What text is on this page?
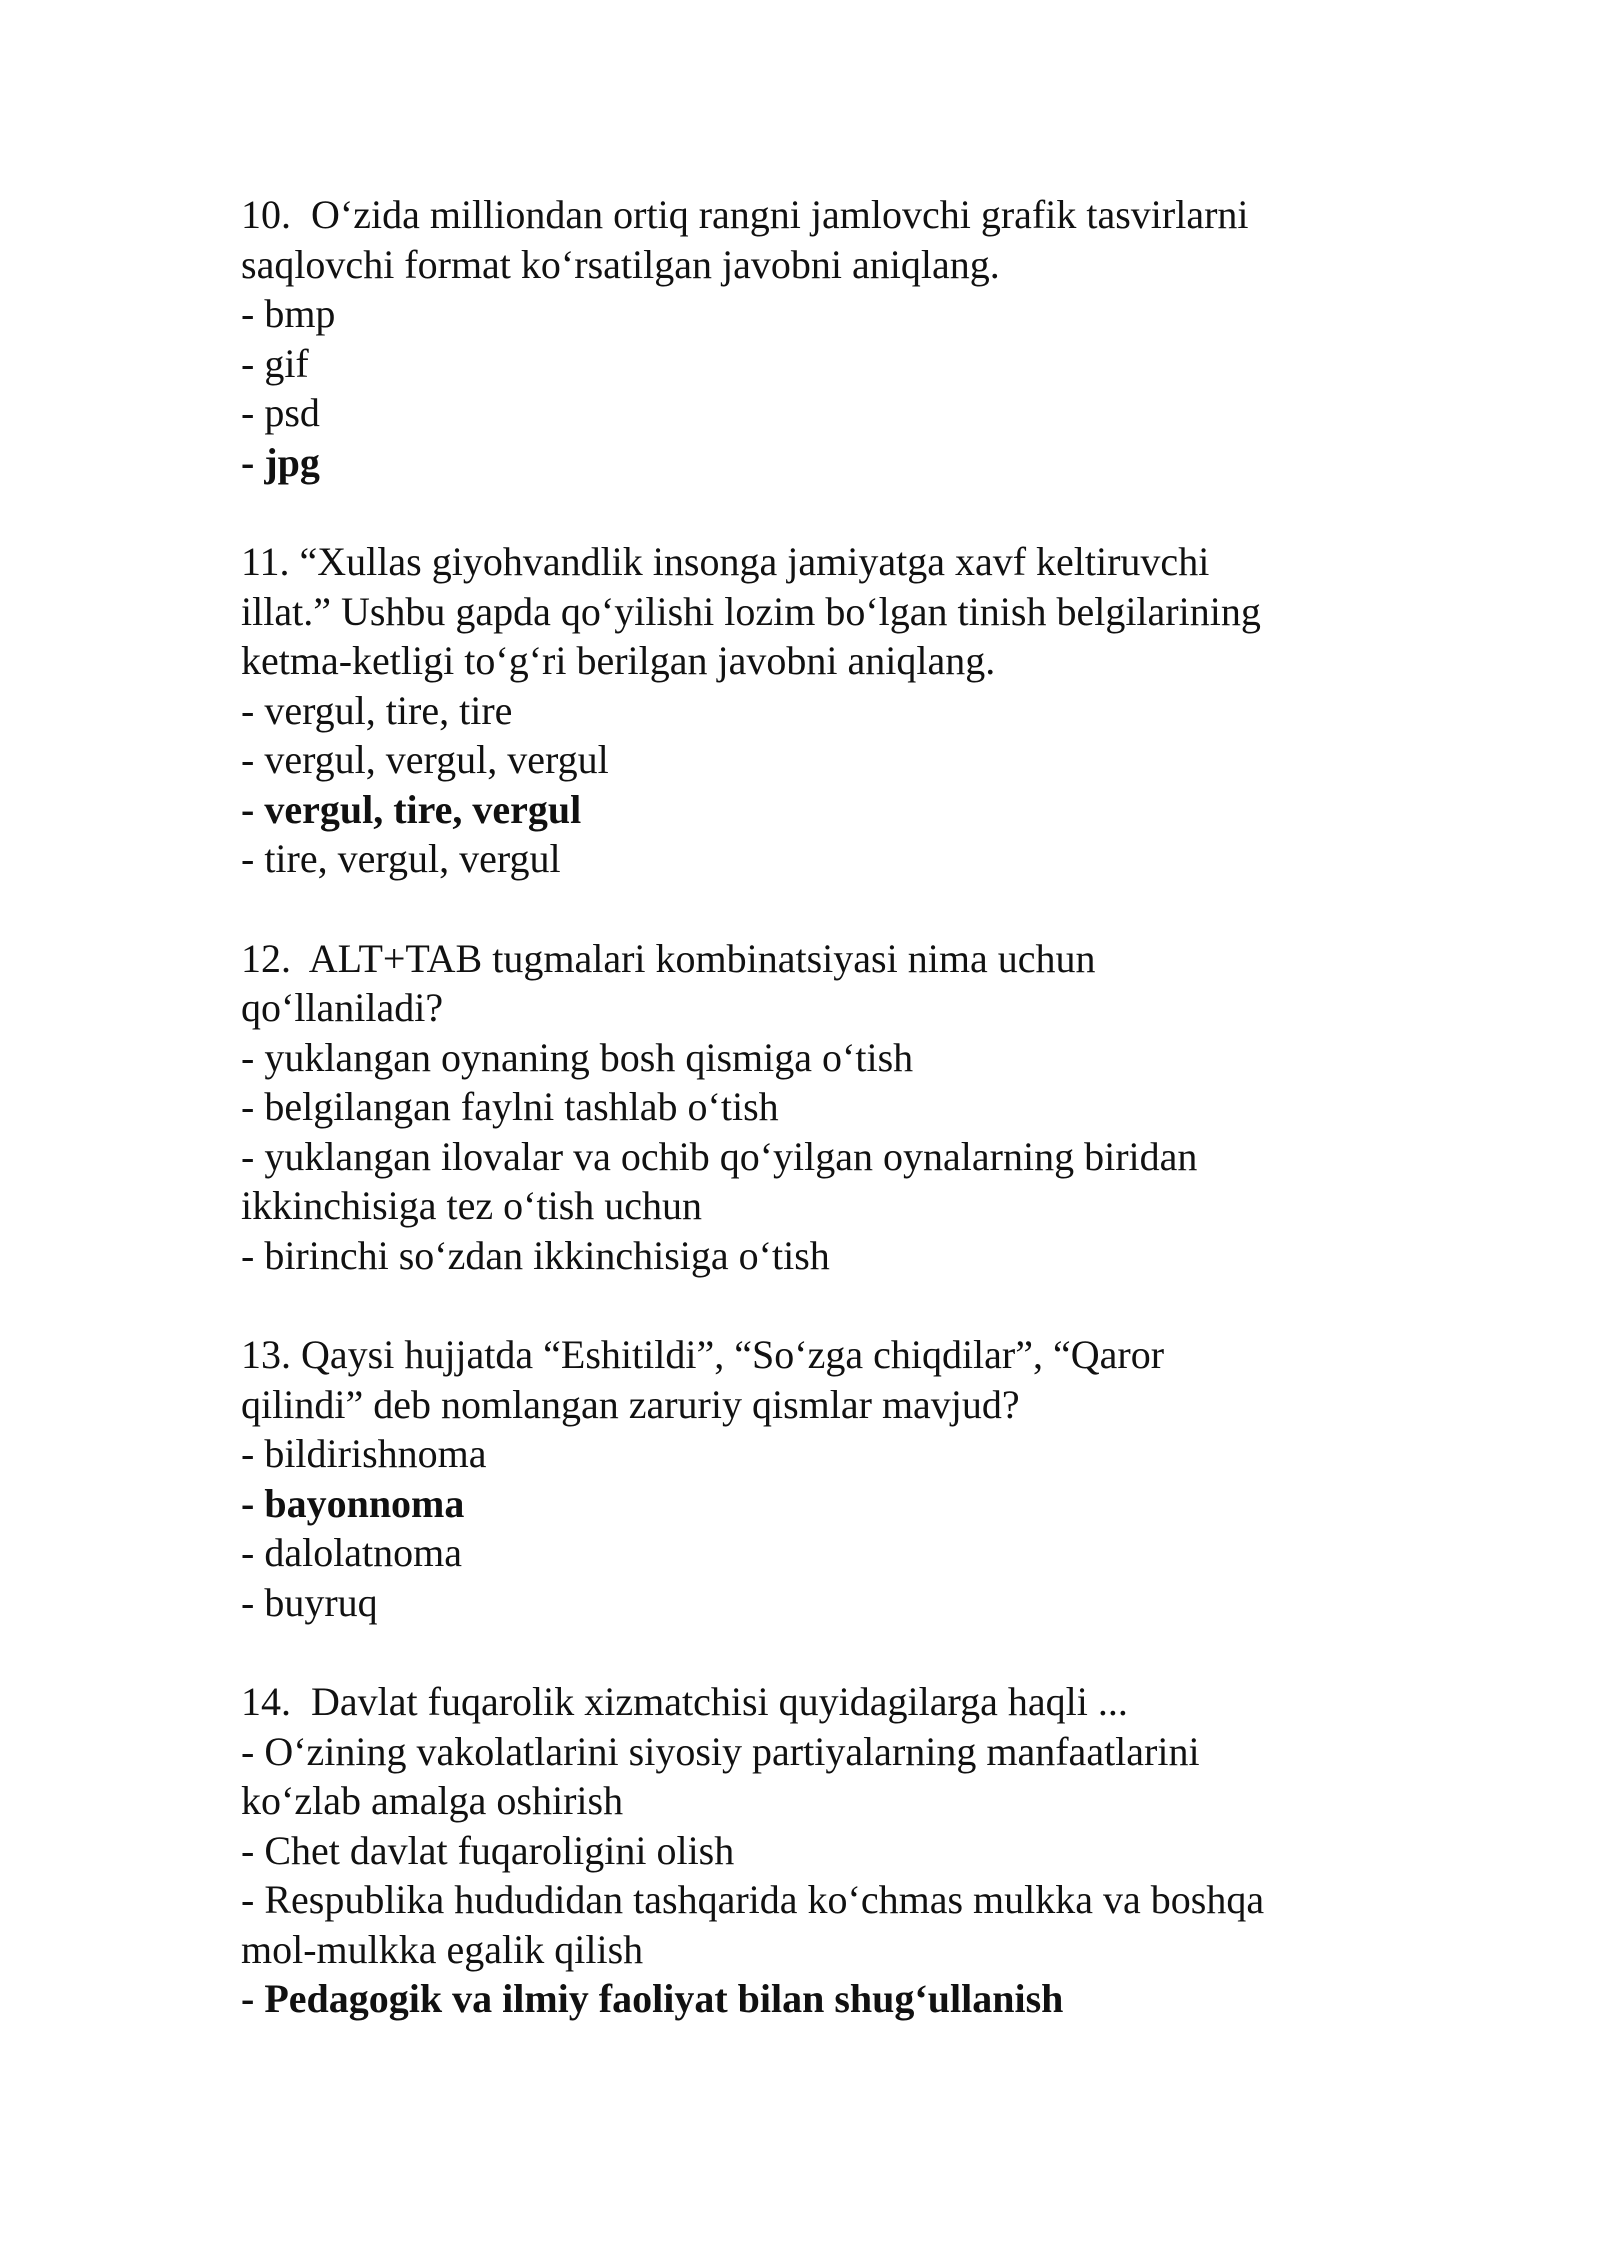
10.  O‘zida milliondan ortiq rangni jamlovchi grafik tasvirlarni
saqlovchi format ko‘rsatilgan javobni aniqlang.
- bmp
- gif
- psd
- jpg
11. “Xullas giyohvandlik insonga jamiyatga xavf keltiruvchi
illat.” Ushbu gapda qo‘yilishi lozim bo‘lgan tinish belgilarining
ketma-ketligi to‘g‘ri berilgan javobni aniqlang.
- vergul, tire, tire
- vergul, vergul, vergul
- vergul, tire, vergul
- tire, vergul, vergul
12.  ALT+TAB tugmalari kombinatsiyasi nima uchun
qo‘llaniladi?
- yuklangan oynaning bosh qismiga o‘tish
- belgilangan faylni tashlab o‘tish
- yuklangan ilovalar va ochib qo‘yilgan oynalarning biridan
ikkinchisiga tez o‘tish uchun
- birinchi so‘zdan ikkinchisiga o‘tish
13. Qaysi hujjatda “Eshitildi”, “So‘zga chiqdilar”, “Qaror
qilindi” deb nomlangan zaruriy qismlar mavjud?
- bildirishnoma
- bayonnoma
- dalolatnoma
- buyruq
14.  Davlat fuqarolik xizmatchisi quyidagilarga haqli ...
- O‘zining vakolatlarini siyosiy partiyalarning manfaatlarini
ko‘zlab amalga oshirish
- Chet davlat fuqaroligini olish
- Respublika hududidan tashqarida ko‘chmas mulkka va boshqa
mol-mulkka egalik qilish
- Pedagogik va ilmiy faoliyat bilan shug‘ullanish
